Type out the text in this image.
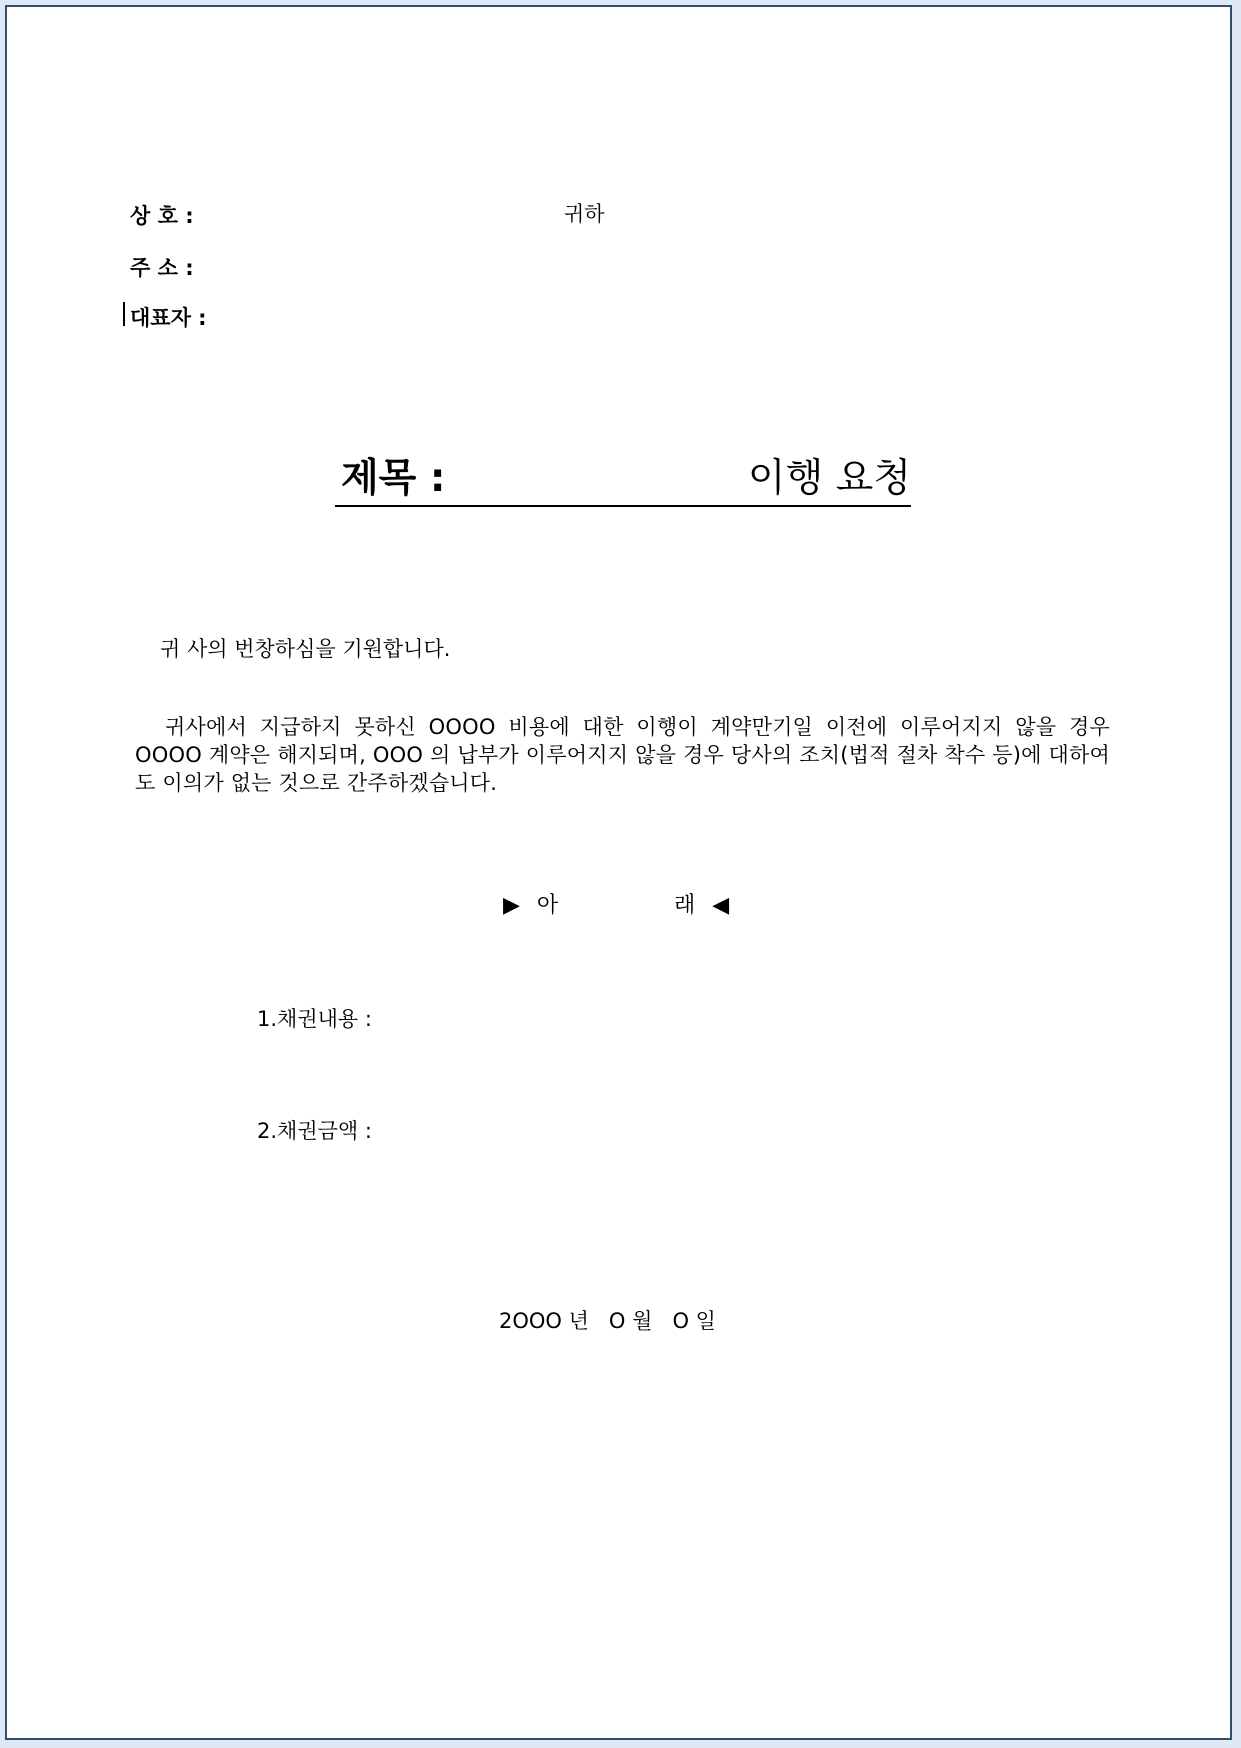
상 호 :	귀하
주 소 :
대표자 :
제목 :	이행 요청
귀 사의 번창하심을 기원합니다.
귀사에서 지급하지 못하신 OOOO 비용에 대한 이행이 계약만기일 이전에 이루어지지 않을 경우 OOOO 계약은 해지되며, OOO 의 납부가 이루어지지 않을 경우 당사의 조치(법적 절차 착수 등)에 대하여도 이의가 없는 것으로 간주하겠습니다.
▶ 아	래 ◀
1.채권내용 :
2.채권금액 :
2OOO 년   O 월   O 일
